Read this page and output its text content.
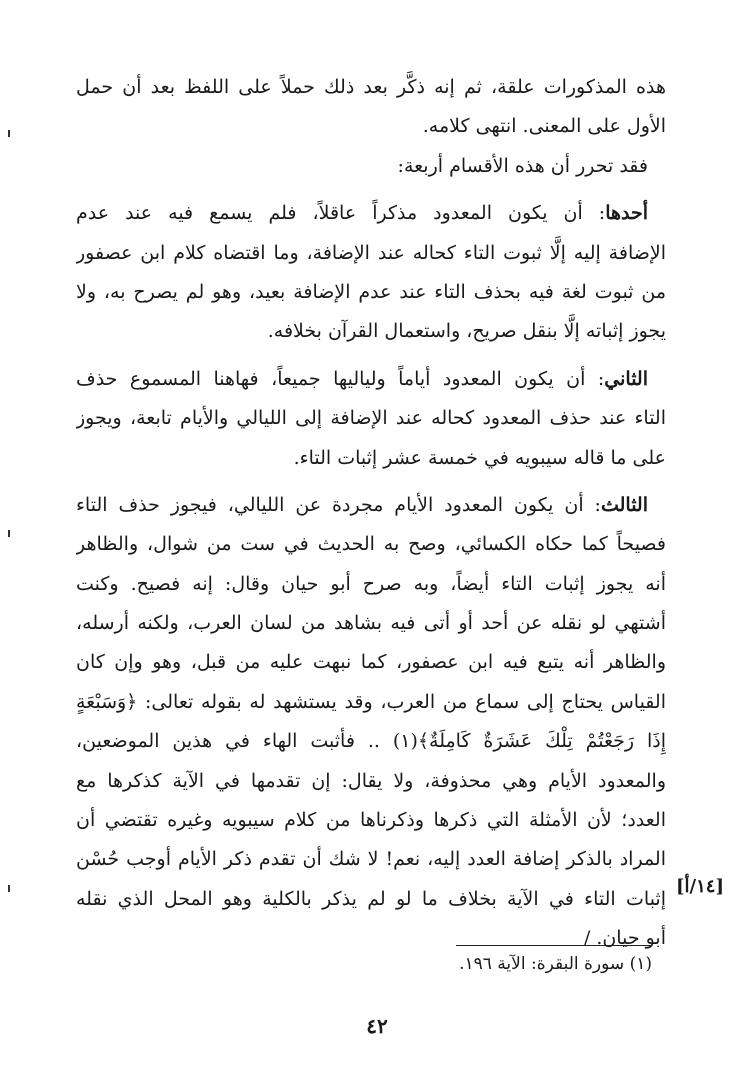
هذه المذكورات علقة، ثم إنه ذكَّر بعد ذلك حملاً على اللفظ بعد أن حمل
الأول على المعنى. انتهى كلامه.
فقد تحرر أن هذه الأقسام أربعة:
أحدها: أن يكون المعدود مذكراً عاقلاً، فلم يسمع فيه عند عدم
الإضافة إليه إلَّا ثبوت التاء كحاله عند الإضافة، وما اقتضاه كلام ابن عصفور
من ثبوت لغة فيه بحذف التاء عند عدم الإضافة بعيد، وهو لم يصرح به، ولا
يجوز إثباته إلَّا بنقل صريح، واستعمال القرآن بخلافه.
الثاني: أن يكون المعدود أياماً ولياليها جميعاً، فهاهنا المسموع حذف
التاء عند حذف المعدود كحاله عند الإضافة إلى الليالي والأيام تابعة، ويجوز
على ما قاله سيبويه في خمسة عشر إثبات التاء.
الثالث: أن يكون المعدود الأيام مجردة عن الليالي، فيجوز حذف التاء
فصيحاً كما حكاه الكسائي، وصح به الحديث في ست من شوال، والظاهر
أنه يجوز إثبات التاء أيضاً، وبه صرح أبو حيان وقال: إنه فصيح. وكنت
أشتهي لو نقله عن أحد أو أتى فيه بشاهد من لسان العرب، ولكنه أرسله،
والظاهر أنه يتبع فيه ابن عصفور، كما نبهت عليه من قبل، وهو وإن كان
القياس يحتاج إلى سماع من العرب، وقد يستشهد له بقوله تعالى: ﴿وَسَبْعَةٍ
إِذَا رَجَعْتُمْ تِلْكَ عَشَرَةٌ كَامِلَةٌ﴾(١) .. فأثبت الهاء في هذين الموضعين،
والمعدود الأيام وهي محذوفة، ولا يقال: إن تقدمها في الآية كذكرها مع
العدد؛ لأن الأمثلة التي ذكرها وذكرناها من كلام سيبويه وغيره تقتضي أن
المراد بالذكر إضافة العدد إليه، نعم! لا شك أن تقدم ذكر الأيام أوجب حُسْن
إثبات التاء في الآية بخلاف ما لو لم يذكر بالكلية وهو المحل الذي نقله
أبو حيان. /
[١٤/أ]
(١) سورة البقرة: الآية ١٩٦.
٤٢
